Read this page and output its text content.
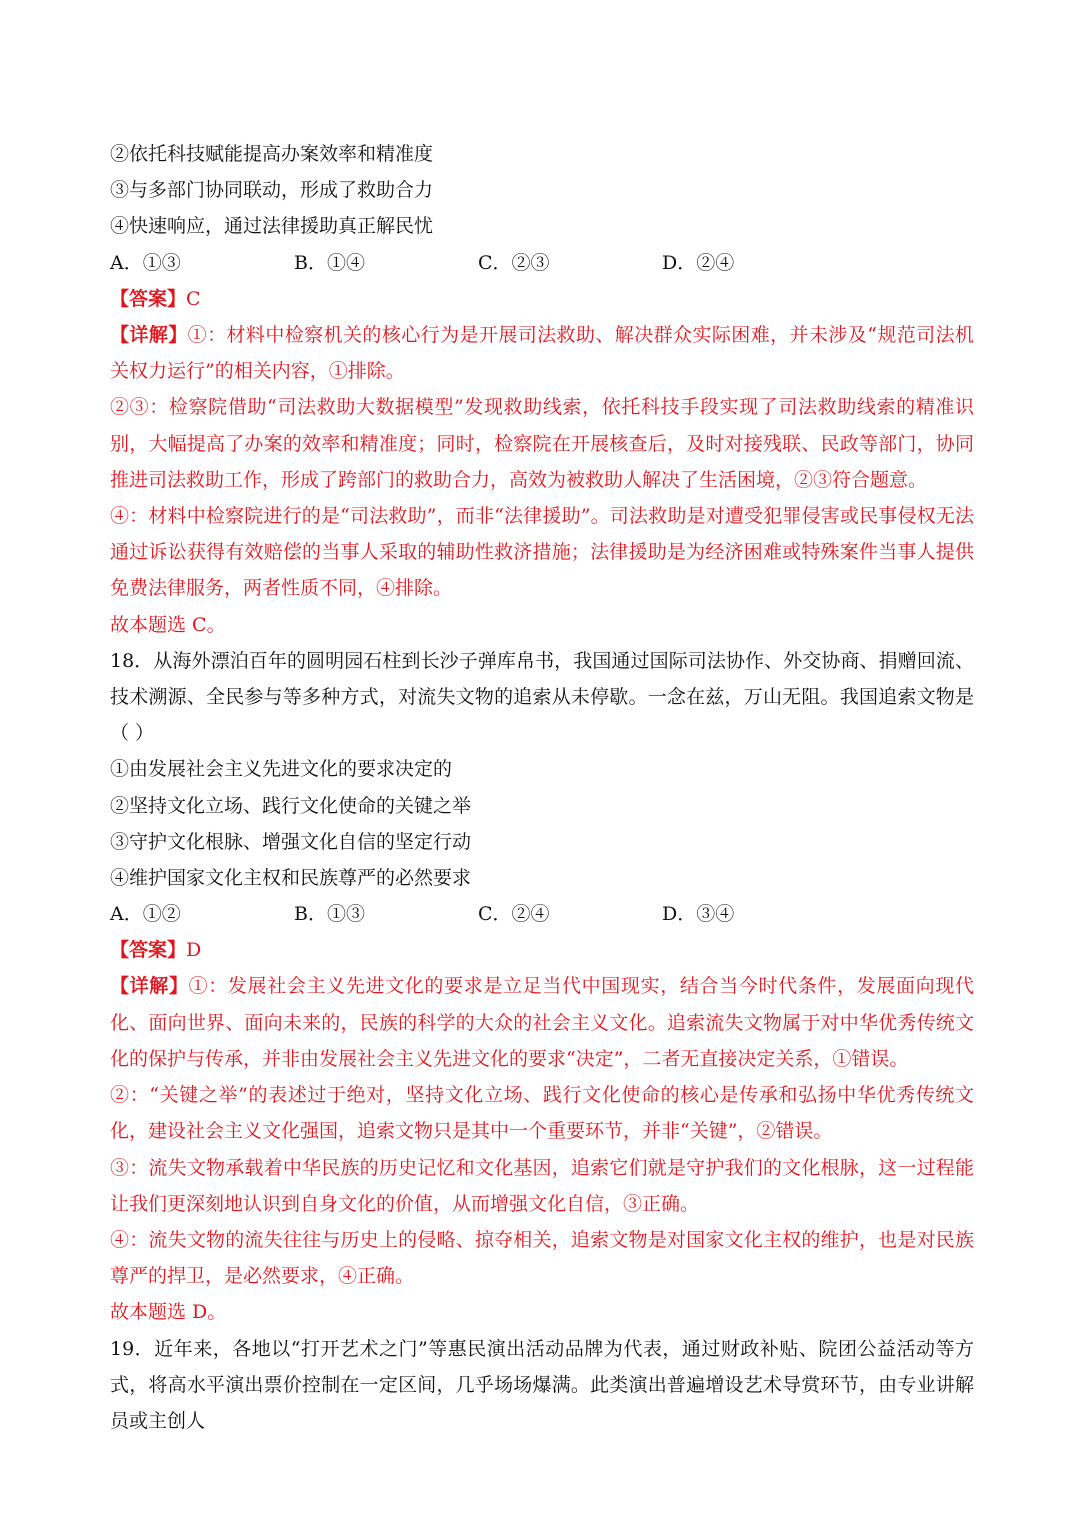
②依托科技赋能提高办案效率和精准度
③与多部门协同联动，形成了救助合力
④快速响应，通过法律援助真正解民忧
A．①③	B．①④	C．②③	D．②④
【答案】C
【详解】①：材料中检察机关的核心行为是开展司法救助、解决群众实际困难，并未涉及“规范司法机关权力运行”的相关内容，①排除。
②③：检察院借助“司法救助大数据模型”发现救助线索，依托科技手段实现了司法救助线索的精准识别，大幅提高了办案的效率和精准度；同时，检察院在开展核查后，及时对接残联、民政等部门，协同推进司法救助工作，形成了跨部门的救助合力，高效为被救助人解决了生活困境，②③符合题意。
④：材料中检察院进行的是“司法救助”，而非“法律援助”。司法救助是对遭受犯罪侵害或民事侵权无法通过诉讼获得有效赔偿的当事人采取的辅助性救济措施；法律援助是为经济困难或特殊案件当事人提供免费法律服务，两者性质不同，④排除。
故本题选 C。
18．从海外漂泊百年的圆明园石柱到长沙子弹库帛书，我国通过国际司法协作、外交协商、捐赠回流、技术溯源、全民参与等多种方式，对流失文物的追索从未停歇。一念在兹，万山无阻。我国追索文物是（ ）
①由发展社会主义先进文化的要求决定的
②坚持文化立场、践行文化使命的关键之举
③守护文化根脉、增强文化自信的坚定行动
④维护国家文化主权和民族尊严的必然要求
A．①②	B．①③	C．②④	D．③④
【答案】D
【详解】①：发展社会主义先进文化的要求是立足当代中国现实，结合当今时代条件，发展面向现代化、面向世界、面向未来的，民族的科学的大众的社会主义文化。追索流失文物属于对中华优秀传统文化的保护与传承，并非由发展社会主义先进文化的要求“决定”，二者无直接决定关系，①错误。
②：“关键之举”的表述过于绝对，坚持文化立场、践行文化使命的核心是传承和弘扬中华优秀传统文化，建设社会主义文化强国，追索文物只是其中一个重要环节，并非“关键”，②错误。
③：流失文物承载着中华民族的历史记忆和文化基因，追索它们就是守护我们的文化根脉，这一过程能让我们更深刻地认识到自身文化的价值，从而增强文化自信，③正确。
④：流失文物的流失往往与历史上的侵略、掠夺相关，追索文物是对国家文化主权的维护，也是对民族尊严的捍卫，是必然要求，④正确。
故本题选 D。
19．近年来，各地以“打开艺术之门”等惠民演出活动品牌为代表，通过财政补贴、院团公益活动等方式，将高水平演出票价控制在一定区间，几乎场场爆满。此类演出普遍增设艺术导赏环节，由专业讲解员或主创人
